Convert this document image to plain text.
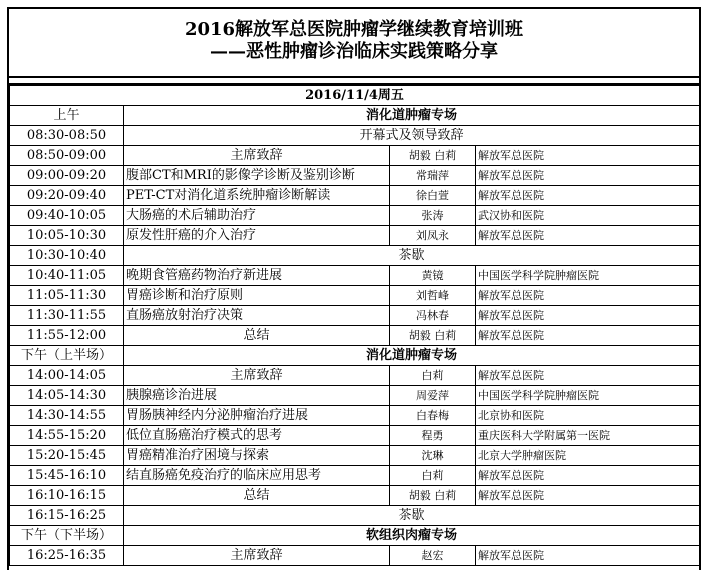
2016解放军总医院肿瘤学继续教育培训班
——恶性肿瘤诊治临床实践策略分享
2016/11/4周五			
上午	消化道肿瘤专场		
08:30-08:50	开幕式及领导致辞		
08:50-09:00	主席致辞	胡毅 白莉	解放军总医院
09:00-09:20	腹部CT和MRI的影像学诊断及鉴别诊断	常瑞萍	解放军总医院
09:20-09:40	PET-CT对消化道系统肿瘤诊断解读	徐白萱	解放军总医院
09:40-10:05	大肠癌的术后辅助治疗	张涛	武汉协和医院
10:05-10:30	原发性肝癌的介入治疗	刘凤永	解放军总医院
10:30-10:40	茶歇		
10:40-11:05	晚期食管癌药物治疗新进展	黄镜	中国医学科学院肿瘤医院
11:05-11:30	胃癌诊断和治疗原则	刘哲峰	解放军总医院
11:30-11:55	直肠癌放射治疗决策	冯林春	解放军总医院
11:55-12:00	总结	胡毅 白莉	解放军总医院
下午（上半场）	消化道肿瘤专场		
14:00-14:05	主席致辞	白莉	解放军总医院
14:05-14:30	胰腺癌诊治进展	周爱萍	中国医学科学院肿瘤医院
14:30-14:55	胃肠胰神经内分泌肿瘤治疗进展	白春梅	北京协和医院
14:55-15:20	低位直肠癌治疗模式的思考	程勇	重庆医科大学附属第一医院
15:20-15:45	胃癌精准治疗困境与探索	沈琳	北京大学肿瘤医院
15:45-16:10	结直肠癌免疫治疗的临床应用思考	白莉	解放军总医院
16:10-16:15	总结	胡毅 白莉	解放军总医院
16:15-16:25	茶歇		
下午（下半场）	软组织肉瘤专场		
16:25-16:35	主席致辞	赵宏	解放军总医院
